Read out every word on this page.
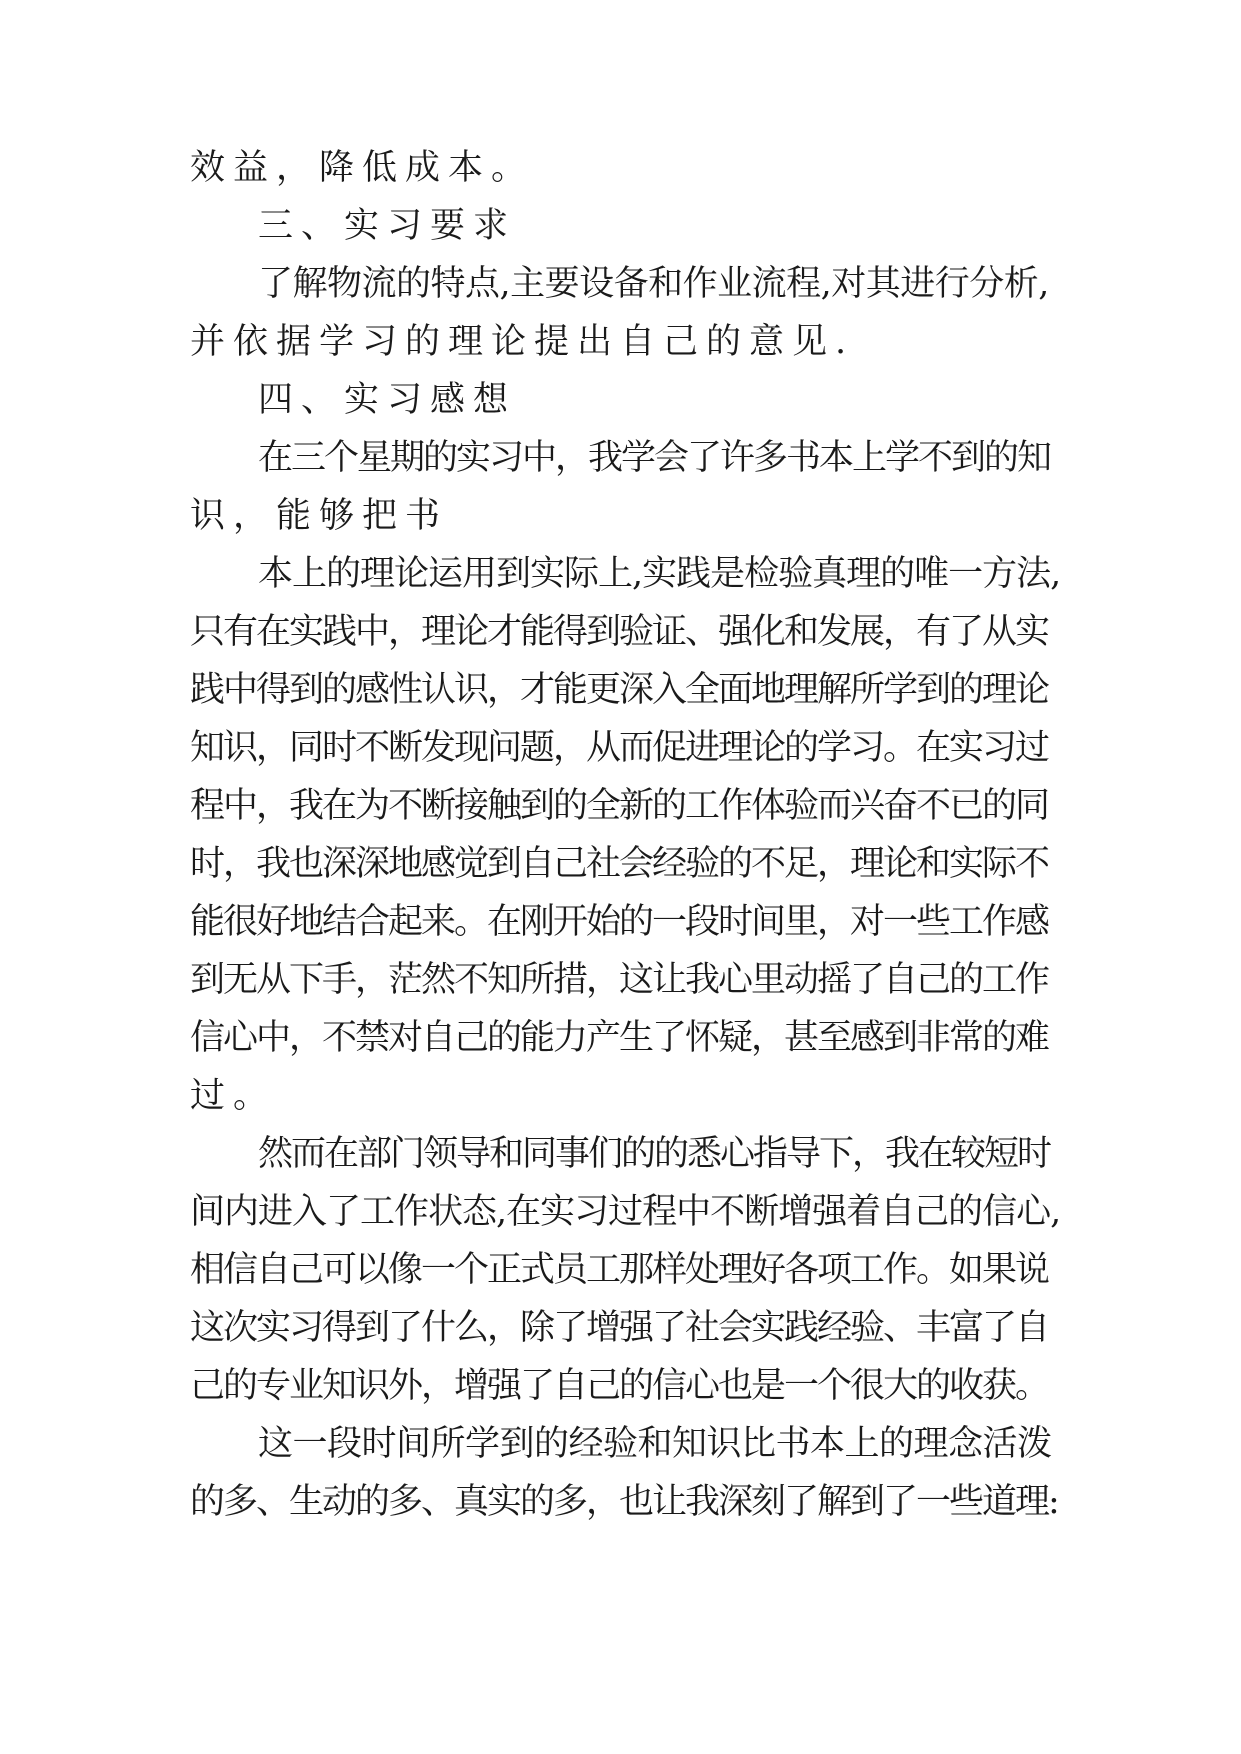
效益，降低成本。

三、实习要求

了解物流的特点,主要设备和作业流程,对其进行分析,

并依据学习的理论提出自己的意见.

四、实习感想

在三个星期的实习中，我学会了许多书本上学不到的知

识，能够把书

本上的理论运用到实际上,实践是检验真理的唯一方法,

只有在实践中，理论才能得到验证、强化和发展，有了从实

践中得到的感性认识，才能更深入全面地理解所学到的理论

知识，同时不断发现问题，从而促进理论的学习。在实习过

程中，我在为不断接触到的全新的工作体验而兴奋不已的同

时，我也深深地感觉到自己社会经验的不足，理论和实际不

能很好地结合起来。在刚开始的一段时间里，对一些工作感

到无从下手，茫然不知所措，这让我心里动摇了自己的工作

信心中，不禁对自己的能力产生了怀疑，甚至感到非常的难

过。

然而在部门领导和同事们的的悉心指导下，我在较短时

间内进入了工作状态,在实习过程中不断增强着自己的信心,

相信自己可以像一个正式员工那样处理好各项工作。如果说

这次实习得到了什么，除了增强了社会实践经验、丰富了自

己的专业知识外，增强了自己的信心也是一个很大的收获。

这一段时间所学到的经验和知识比书本上的理念活泼

的多、生动的多、真实的多，也让我深刻了解到了一些道理:
